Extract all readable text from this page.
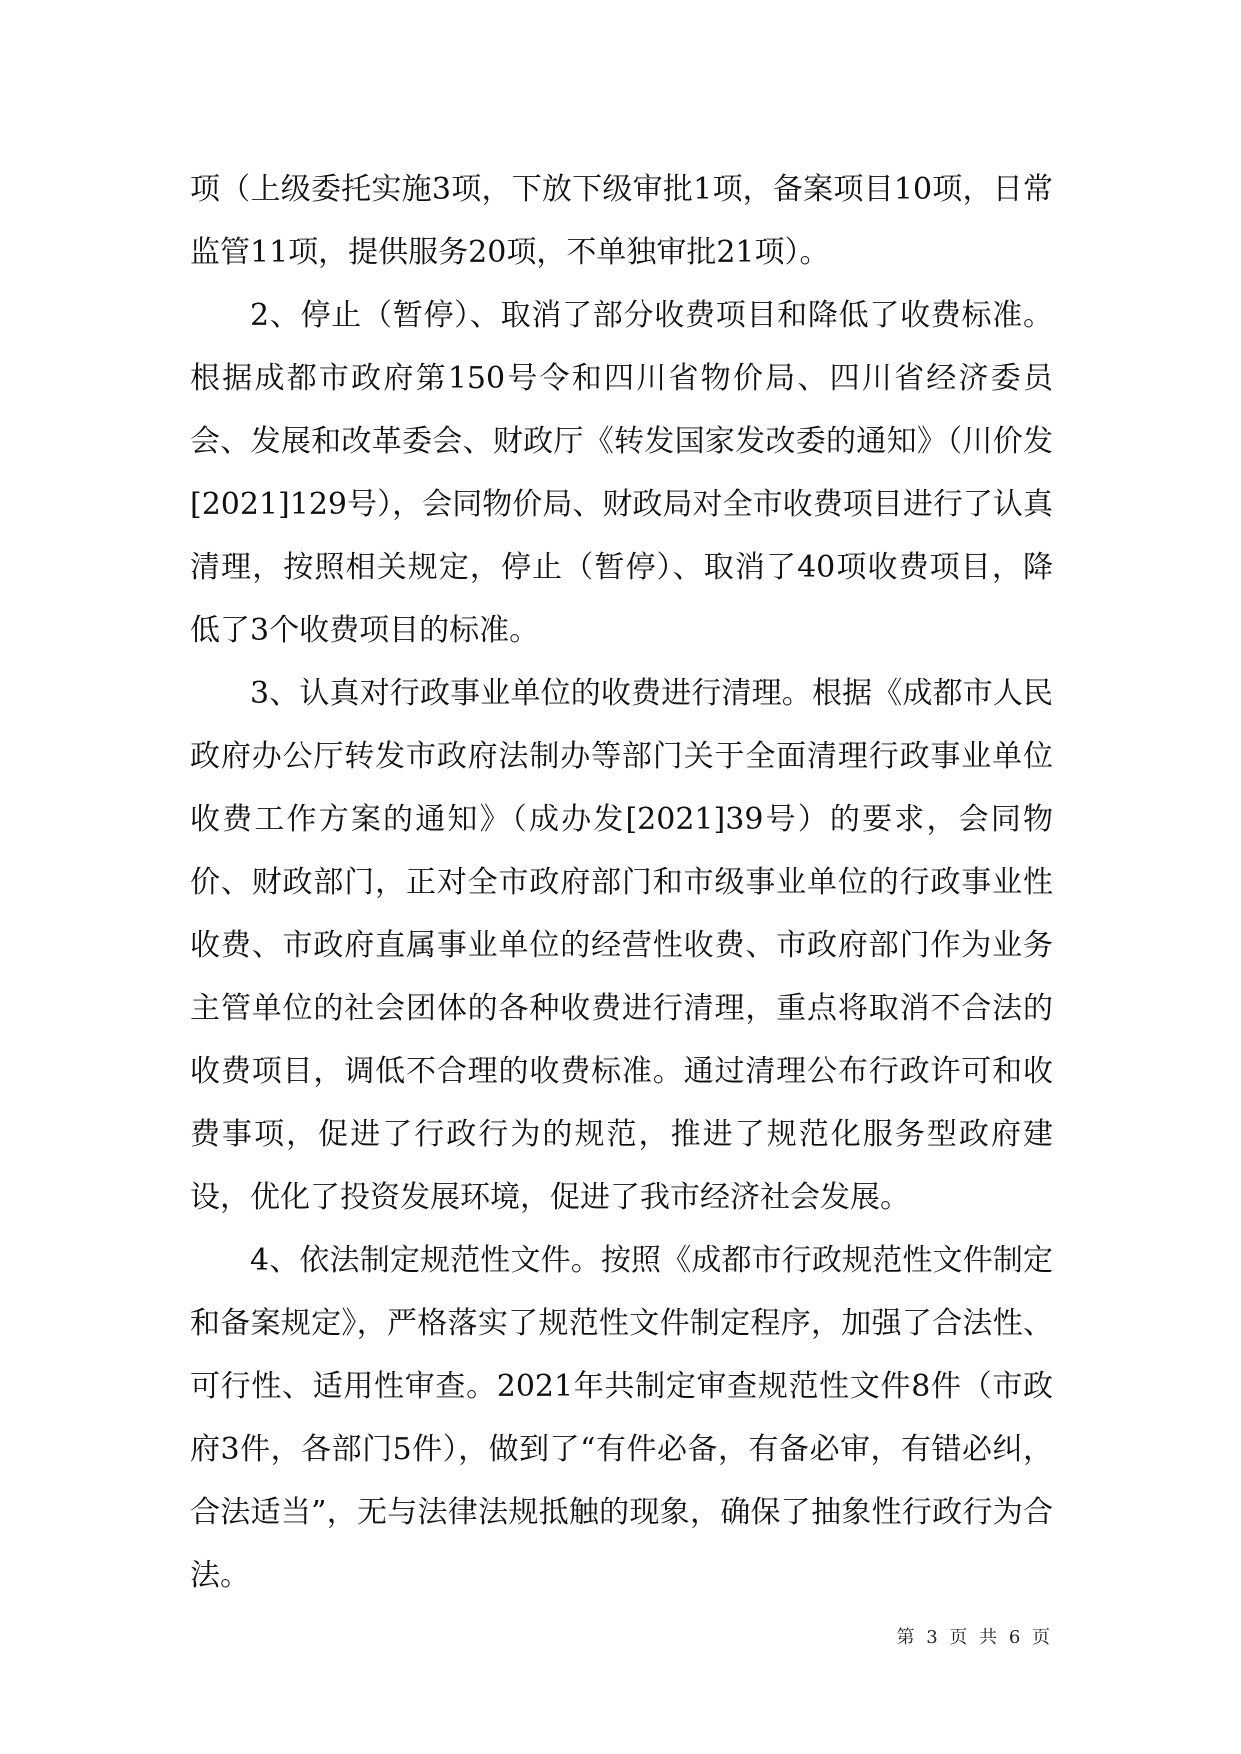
项（上级委托实施3项，下放下级审批1项，备案项目10项，日常监管11项，提供服务20项，不单独审批21项）。

2、停止（暂停）、取消了部分收费项目和降低了收费标准。根据成都市政府第150号令和四川省物价局、四川省经济委员会、发展和改革委会、财政厅《转发国家发改委的通知》（川价发[2021]129号），会同物价局、财政局对全市收费项目进行了认真清理，按照相关规定，停止（暂停）、取消了40项收费项目，降低了3个收费项目的标准。

3、认真对行政事业单位的收费进行清理。根据《成都市人民政府办公厅转发市政府法制办等部门关于全面清理行政事业单位收费工作方案的通知》（成办发[2021]39号）的要求，会同物价、财政部门，正对全市政府部门和市级事业单位的行政事业性收费、市政府直属事业单位的经营性收费、市政府部门作为业务主管单位的社会团体的各种收费进行清理，重点将取消不合法的收费项目，调低不合理的收费标准。通过清理公布行政许可和收费事项，促进了行政行为的规范，推进了规范化服务型政府建设，优化了投资发展环境，促进了我市经济社会发展。

4、依法制定规范性文件。按照《成都市行政规范性文件制定和备案规定》，严格落实了规范性文件制定程序，加强了合法性、可行性、适用性审查。2021年共制定审查规范性文件8件（市政府3件，各部门5件），做到了“有件必备，有备必审，有错必纠，合法适当”，无与法律法规抵触的现象，确保了抽象性行政行为合法。

第 3 页 共 6 页
